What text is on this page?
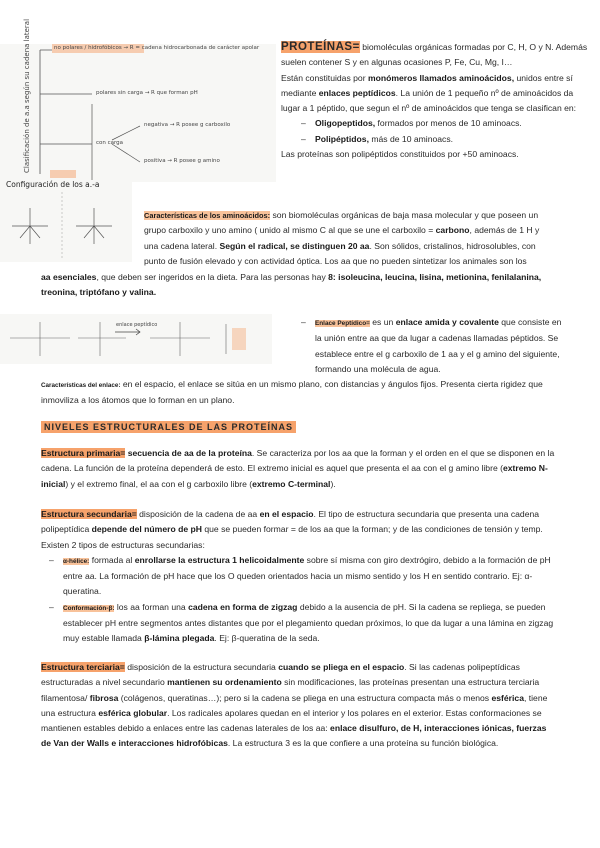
no polares / hidrofóbicos → R = cadena hidrocarbonada de carácter apolar
polares sin carga → R que forman pH
con carga
negativa → R posee g carboxilo
positiva → R posee g amino
Clasificación de a.a según su cadena lateral
Configuración de los a.-a

PROTEÍNAS= biomoléculas orgánicas formadas por C, H, O y N. Además suelen contener S y en algunas ocasiones P, Fe, Cu, Mg, I…

Están constituidas por monómeros llamados aminoácidos, unidos entre sí mediante enlaces peptídicos. La unión de 1 pequeño nº de aminoácidos da lugar a 1 péptido, que segun el nº de aminoácidos que tenga se clasifican en:

– Oligopeptidos, formados por menos de 10 aminoacs.
– Polipéptidos, más de 10 aminoacs.

Las proteínas son polipéptidos constituidos por +50 aminoacs.

Características de los aminoácidos: son biomoléculas orgánicas de baja masa molecular y que poseen un grupo carboxilo y uno amino ( unido al mismo C al que se une el carboxilo = carbono, además de 1 H y una cadena lateral. Según el radical, se distinguen 20 aa. Son sólidos, cristalinos, hidrosolubles, con punto de fusión elevado y con actividad óptica. Los aa que no pueden sintetizar los animales son los

aa esenciales, que deben ser ingeridos en la dieta. Para las personas hay 8: isoleucina, leucina, lisina, metionina, fenilalanina, treonina, triptófano y valina.

enlace peptídico
–	Enlace Peptídico= es un enlace amida y covalente que consiste en la unión entre aa que da lugar a cadenas llamadas péptidos. Se establece entre el g carboxilo de 1 aa y el g amino del siguiente, formando una molécula de agua.

Características del enlace: en el espacio, el enlace se sitúa en un mismo plano, con distancias y ángulos fijos. Presenta cierta rigidez que inmoviliza a los átomos que lo forman en un plano.

NIVELES ESTRUCTURALES DE LAS PROTEÍNAS

Estructura primaria= secuencia de aa de la proteína. Se caracteriza por los aa que la forman y el orden en el que se disponen en la cadena. La función de la proteína dependerá de esto. El extremo inicial es aquel que presenta el aa con el g amino libre (extremo N-inicial) y el extremo final, el aa con el g carboxilo libre (extremo C-terminal).

Estructura secundaria= disposición de la cadena de aa en el espacio. El tipo de estructura secundaria que presenta una cadena polipeptídica depende del número de pH que se pueden formar = de los aa que la forman; y de las condiciones de tensión y temp. Existen 2 tipos de estructuras secundarias:

– α-hélice: formada al enrollarse la estructura 1 helicoidalmente sobre sí misma con giro dextrógiro, debido a la formación de pH entre aa. La formación de pH hace que los O queden orientados hacia un mismo sentido y los H en sentido contrario. Ej: α-queratina.
– Conformación-β: los aa forman una cadena en forma de zigzag debido a la ausencia de pH. Si la cadena se repliega, se pueden establecer pH entre segmentos antes distantes que por el plegamiento quedan próximos, lo que da lugar a una lámina en zigzag muy estable llamada β-lámina plegada. Ej: β-queratina de la seda.

Estructura terciaria= disposición de la estructura secundaria cuando se pliega en el espacio. Si las cadenas polipeptídicas estructuradas a nivel secundario mantienen su ordenamiento sin modificaciones, las proteínas presentan una estructura terciaria filamentosa/ fibrosa (colágenos, queratinas…); pero si la cadena se pliega en una estructura compacta más o menos esférica, tiene una estructura esférica globular. Los radicales apolares quedan en el interior y los polares en el exterior. Estas conformaciones se mantienen estables debido a enlaces entre las cadenas laterales de los aa: enlace disulfuro, de H, interacciones iónicas, fuerzas de Van der Walls e interacciones hidrofóbicas. La estructura 3 es la que confiere a una proteína su función biológica.
